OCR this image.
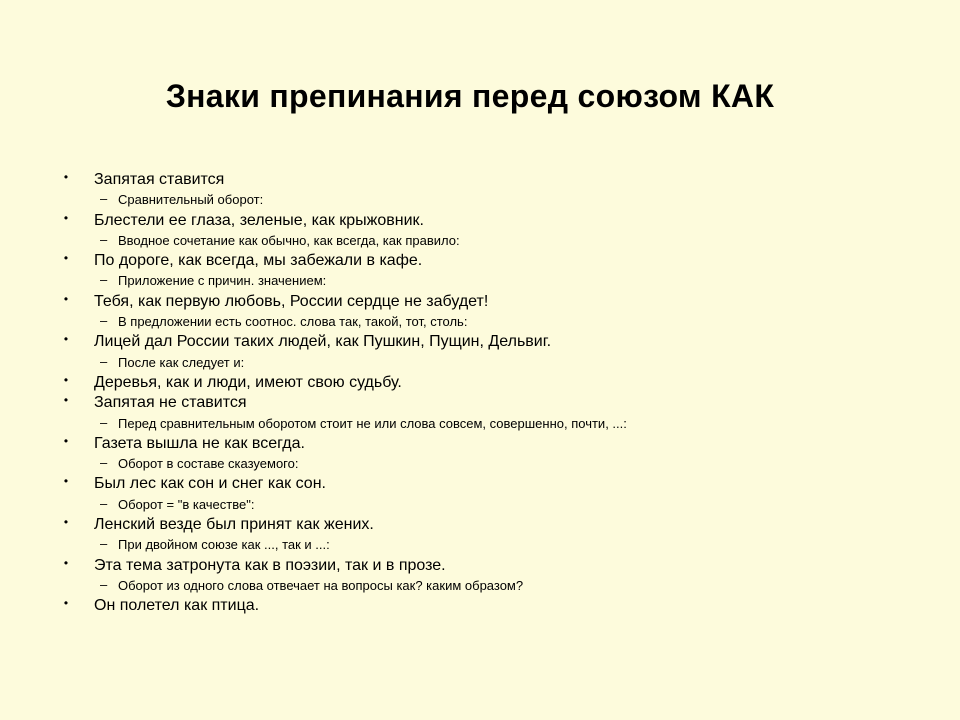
Знаки препинания перед союзом КАК
• Запятая ставится
– Сравнительный оборот:
• Блестели ее глаза, зеленые, как крыжовник.
– Вводное сочетание как обычно, как всегда, как правило:
• По дороге, как всегда, мы забежали в кафе.
– Приложение с причин. значением:
• Тебя, как первую любовь, России сердце не забудет!
– В предложении есть соотнос. слова так, такой, тот, столь:
• Лицей дал России таких людей, как Пушкин, Пущин, Дельвиг.
– После как следует и:
• Деревья, как и люди, имеют свою судьбу.
• Запятая не ставится
– Перед сравнительным оборотом стоит не или слова совсем, совершенно, почти, ...:
• Газета вышла не как всегда.
– Оборот в составе сказуемого:
• Был лес как сон и снег как сон.
– Оборот = "в качестве":
• Ленский везде был принят как жених.
– При двойном союзе как ..., так и ...:
• Эта тема затронута как в поэзии, так и в прозе.
– Оборот из одного слова отвечает на вопросы как? каким образом?
• Он полетел как птица.
